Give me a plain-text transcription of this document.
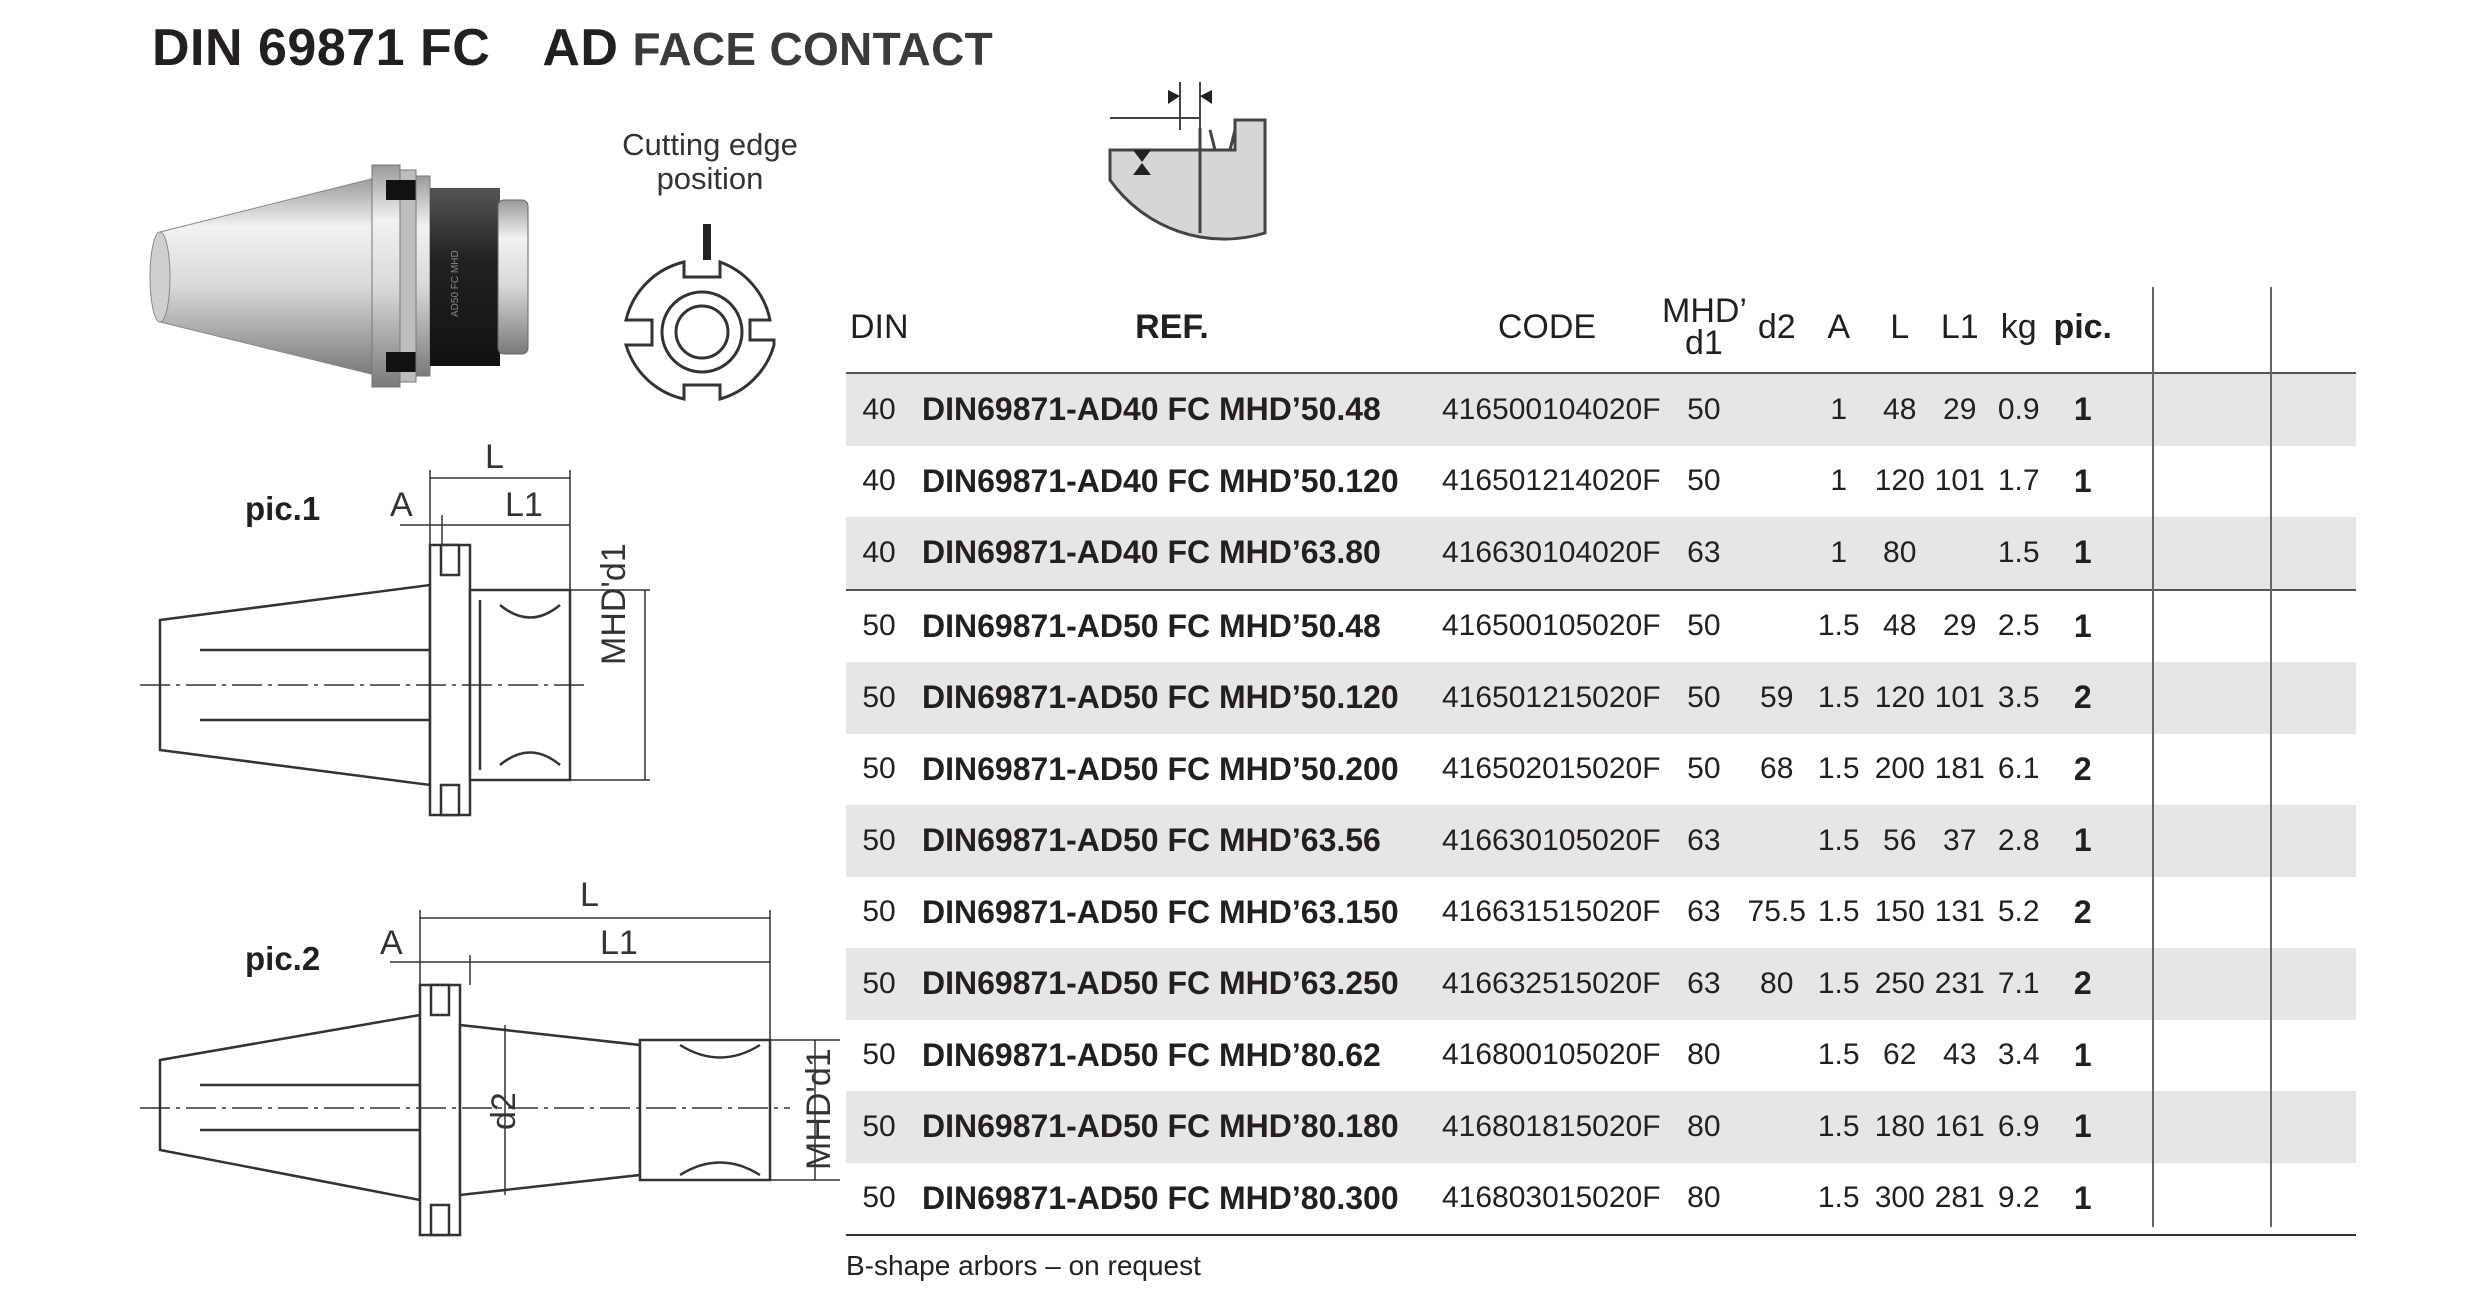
DIN 69871 FC AD FACE CONTACT
AD50 FC MHD
Cutting edge position
pic.1
pic.2
L
A	L1
MHD'd1
L
A	L1
d2	MHD'd1
DIN	REF.	CODE	MHD’ d1	d2	A	L	L1	kg	pic.		
40	DIN69871-AD40 FC MHD’50.48	416500104020F	50		1	48	29	0.9	1		
40	DIN69871-AD40 FC MHD’50.120	416501214020F	50		1	120	101	1.7	1		
40	DIN69871-AD40 FC MHD’63.80	416630104020F	63		1	80		1.5	1		
50	DIN69871-AD50 FC MHD’50.48	416500105020F	50		1.5	48	29	2.5	1		
50	DIN69871-AD50 FC MHD’50.120	416501215020F	50	59	1.5	120	101	3.5	2		
50	DIN69871-AD50 FC MHD’50.200	416502015020F	50	68	1.5	200	181	6.1	2		
50	DIN69871-AD50 FC MHD’63.56	416630105020F	63		1.5	56	37	2.8	1		
50	DIN69871-AD50 FC MHD’63.150	416631515020F	63	75.5	1.5	150	131	5.2	2		
50	DIN69871-AD50 FC MHD’63.250	416632515020F	63	80	1.5	250	231	7.1	2		
50	DIN69871-AD50 FC MHD’80.62	416800105020F	80		1.5	62	43	3.4	1		
50	DIN69871-AD50 FC MHD’80.180	416801815020F	80		1.5	180	161	6.9	1		
50	DIN69871-AD50 FC MHD’80.300	416803015020F	80		1.5	300	281	9.2	1		
B-shape arbors – on request
